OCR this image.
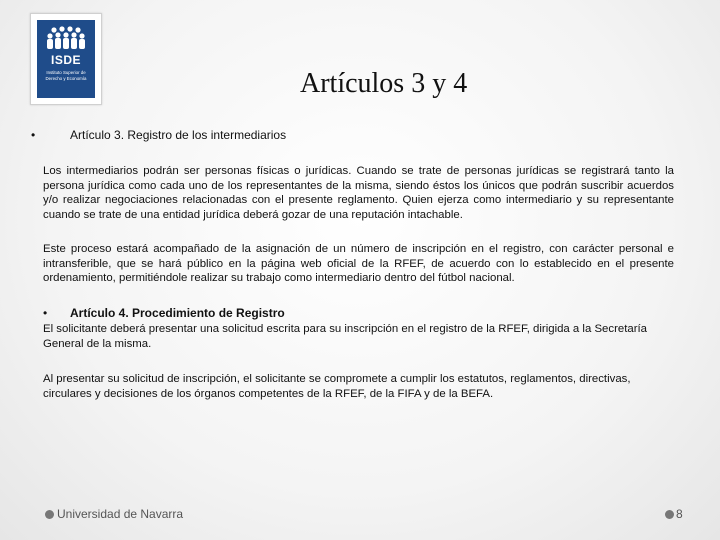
ISDE
Instituto Superior de Derecho y Economía	Artículos 3 y 4
•	Artículo 3. Registro de los intermediarios

Los intermediarios podrán ser personas físicas o jurídicas. Cuando se trate de personas jurídicas se registrará tanto la persona jurídica como cada uno de los representantes de la misma, siendo éstos los únicos que podrán suscribir acuerdos y/o realizar negociaciones relacionadas con el presente reglamento. Quien ejerza como intermediario y su representante cuando se trate de una entidad jurídica deberá gozar de una reputación intachable.

Este proceso estará acompañado de la asignación de un número de inscripción en el registro, con carácter personal e intransferible, que se hará público en la página web oficial de la RFEF, de acuerdo con lo establecido en el presente ordenamiento, permitiéndole realizar su trabajo como intermediario dentro del fútbol nacional.

• Artículo 4. Procedimiento de Registro

El solicitante deberá presentar una solicitud escrita para su inscripción en el registro de la RFEF, dirigida a la Secretaría General de la misma.

Al presentar su solicitud de inscripción, el solicitante se compromete a cumplir los estatutos, reglamentos, directivas, circulares y decisiones de los órganos competentes de la RFEF, de la FIFA y de la BEFA.

Universidad de Navarra	8
